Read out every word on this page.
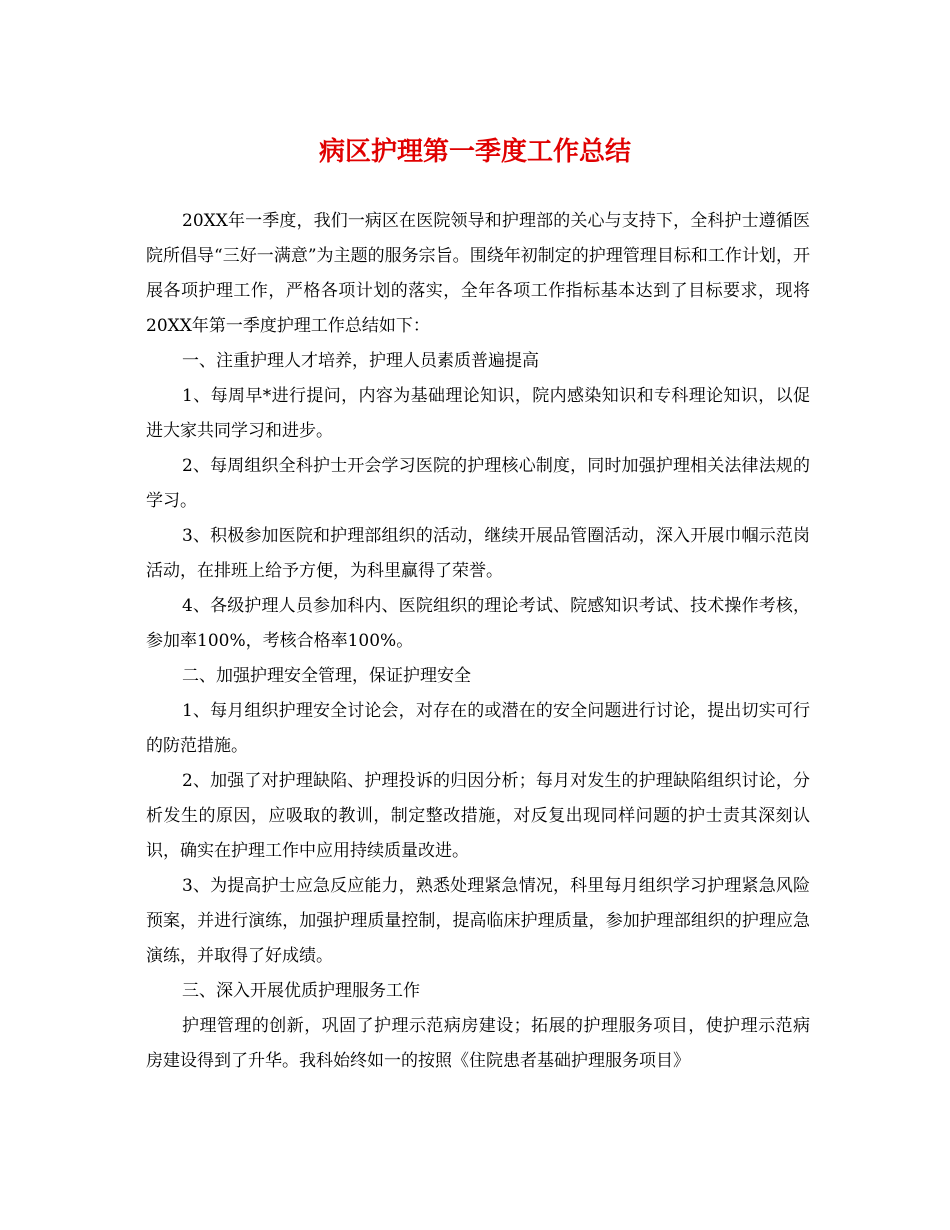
病区护理第一季度工作总结

20XX年一季度，我们一病区在医院领导和护理部的关心与支持下，全科护士遵循医院所倡导“三好一满意”为主题的服务宗旨。围绕年初制定的护理管理目标和工作计划，开展各项护理工作，严格各项计划的落实，全年各项工作指标基本达到了目标要求，现将20XX年第一季度护理工作总结如下：

一、注重护理人才培养，护理人员素质普遍提高

1、每周早*进行提问，内容为基础理论知识，院内感染知识和专科理论知识，以促进大家共同学习和进步。

2、每周组织全科护士开会学习医院的护理核心制度，同时加强护理相关法律法规的学习。

3、积极参加医院和护理部组织的活动，继续开展品管圈活动，深入开展巾帼示范岗活动，在排班上给予方便，为科里赢得了荣誉。

4、各级护理人员参加科内、医院组织的理论考试、院感知识考试、技术操作考核，参加率100%，考核合格率100%。

二、加强护理安全管理，保证护理安全

1、每月组织护理安全讨论会，对存在的或潜在的安全问题进行讨论，提出切实可行的防范措施。

2、加强了对护理缺陷、护理投诉的归因分析；每月对发生的护理缺陷组织讨论，分析发生的原因，应吸取的教训，制定整改措施，对反复出现同样问题的护士责其深刻认识，确实在护理工作中应用持续质量改进。

3、为提高护士应急反应能力，熟悉处理紧急情况，科里每月组织学习护理紧急风险预案，并进行演练，加强护理质量控制，提高临床护理质量，参加护理部组织的护理应急演练，并取得了好成绩。

三、深入开展优质护理服务工作

护理管理的创新，巩固了护理示范病房建设；拓展的护理服务项目，使护理示范病房建设得到了升华。我科始终如一的按照《住院患者基础护理服务项目》
